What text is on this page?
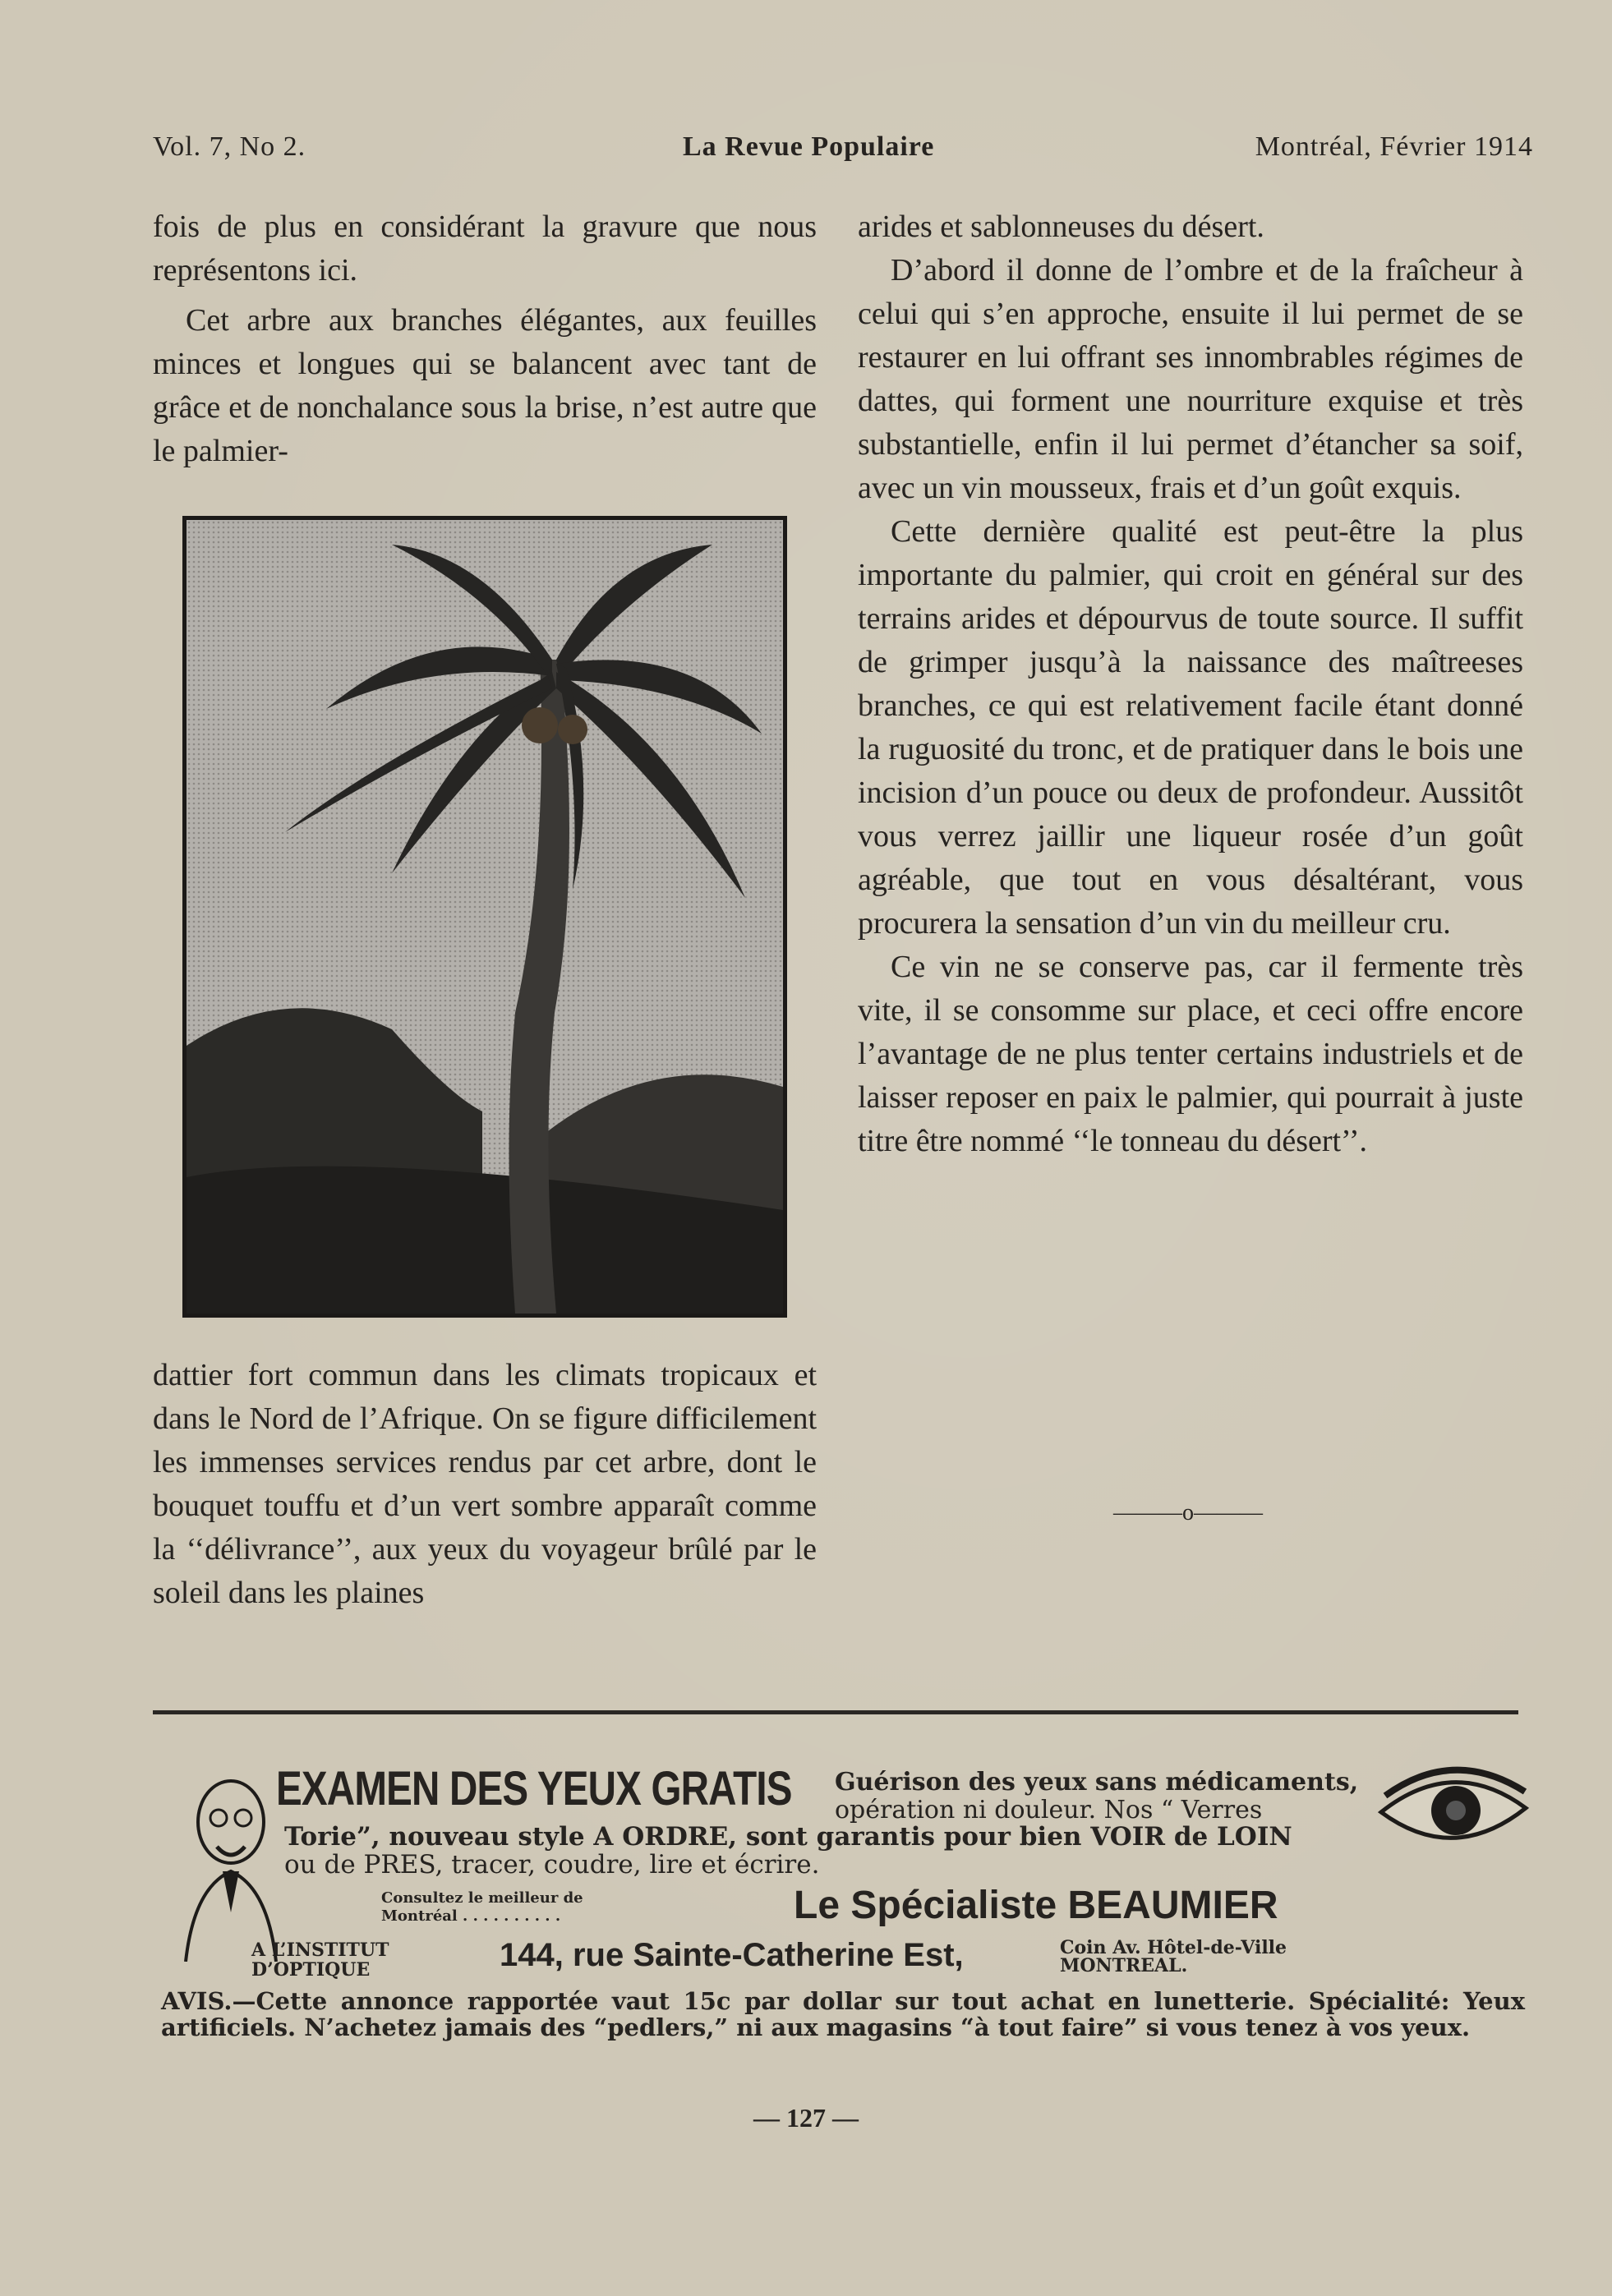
Vol. 7, No 2.	La Revue Populaire	Montréal, Février 1914

fois de plus en considérant la gravure que nous représentons ici.

Cet arbre aux branches élégantes, aux feuilles minces et longues qui se balancent avec tant de grâce et de nonchalance sous la brise, n’est autre que le palmier-

dattier fort commun dans les climats tropicaux et dans le Nord de l’Afrique. On se figure difficilement les immenses services rendus par cet arbre, dont le bouquet touffu et d’un vert sombre apparaît comme la ‘‘délivrance’’, aux yeux du voyageur brûlé par le soleil dans les plaines

arides et sablonneuses du désert.

D’abord il donne de l’ombre et de la fraîcheur à celui qui s’en approche, ensuite il lui permet de se restaurer en lui offrant ses innombrables régimes de dattes, qui forment une nourriture exquise et très substantielle, enfin il lui permet d’étancher sa soif, avec un vin mousseux, frais et d’un goût exquis.

Cette dernière qualité est peut-être la plus importante du palmier, qui croit en général sur des terrains arides et dépourvus de toute source. Il suffit de grimper jusqu’à la naissance des maîtreeses branches, ce qui est relativement facile étant donné la ruguosité du tronc, et de pratiquer dans le bois une incision d’un pouce ou deux de profondeur. Aussitôt vous verrez jaillir une liqueur rosée d’un goût agréable, que tout en vous désaltérant, vous procurera la sensation d’un vin du meilleur cru.

Ce vin ne se conserve pas, car il fermente très vite, il se consomme sur place, et ceci offre encore l’avantage de ne plus tenter certains industriels et de laisser reposer en paix le palmier, qui pourrait à juste titre être nommé ‘‘le tonneau du désert’’.

———o———
EXAMEN DES YEUX GRATIS Guérison des yeux sans médicaments,
opération ni douleur. Nos “ Verres
Torie”, nouveau style A ORDRE, sont garantis pour bien VOIR de LOIN
ou de PRES, tracer, coudre, lire et écrire.
Consultez le meilleur de Montréal . . . . . . . . . .	Le Spécialiste BEAUMIER
A L’INSTITUT D’OPTIQUE	144, rue Sainte-Catherine Est,	Coin Av. Hôtel-de-Ville MONTREAL.
AVIS.—Cette annonce rapportée vaut 15c par dollar sur tout achat en lunetterie. Spécialité: Yeux artificiels. N’achetez jamais des “pedlers,” ni aux magasins “à tout faire” si vous tenez à vos yeux.
— 127 —
